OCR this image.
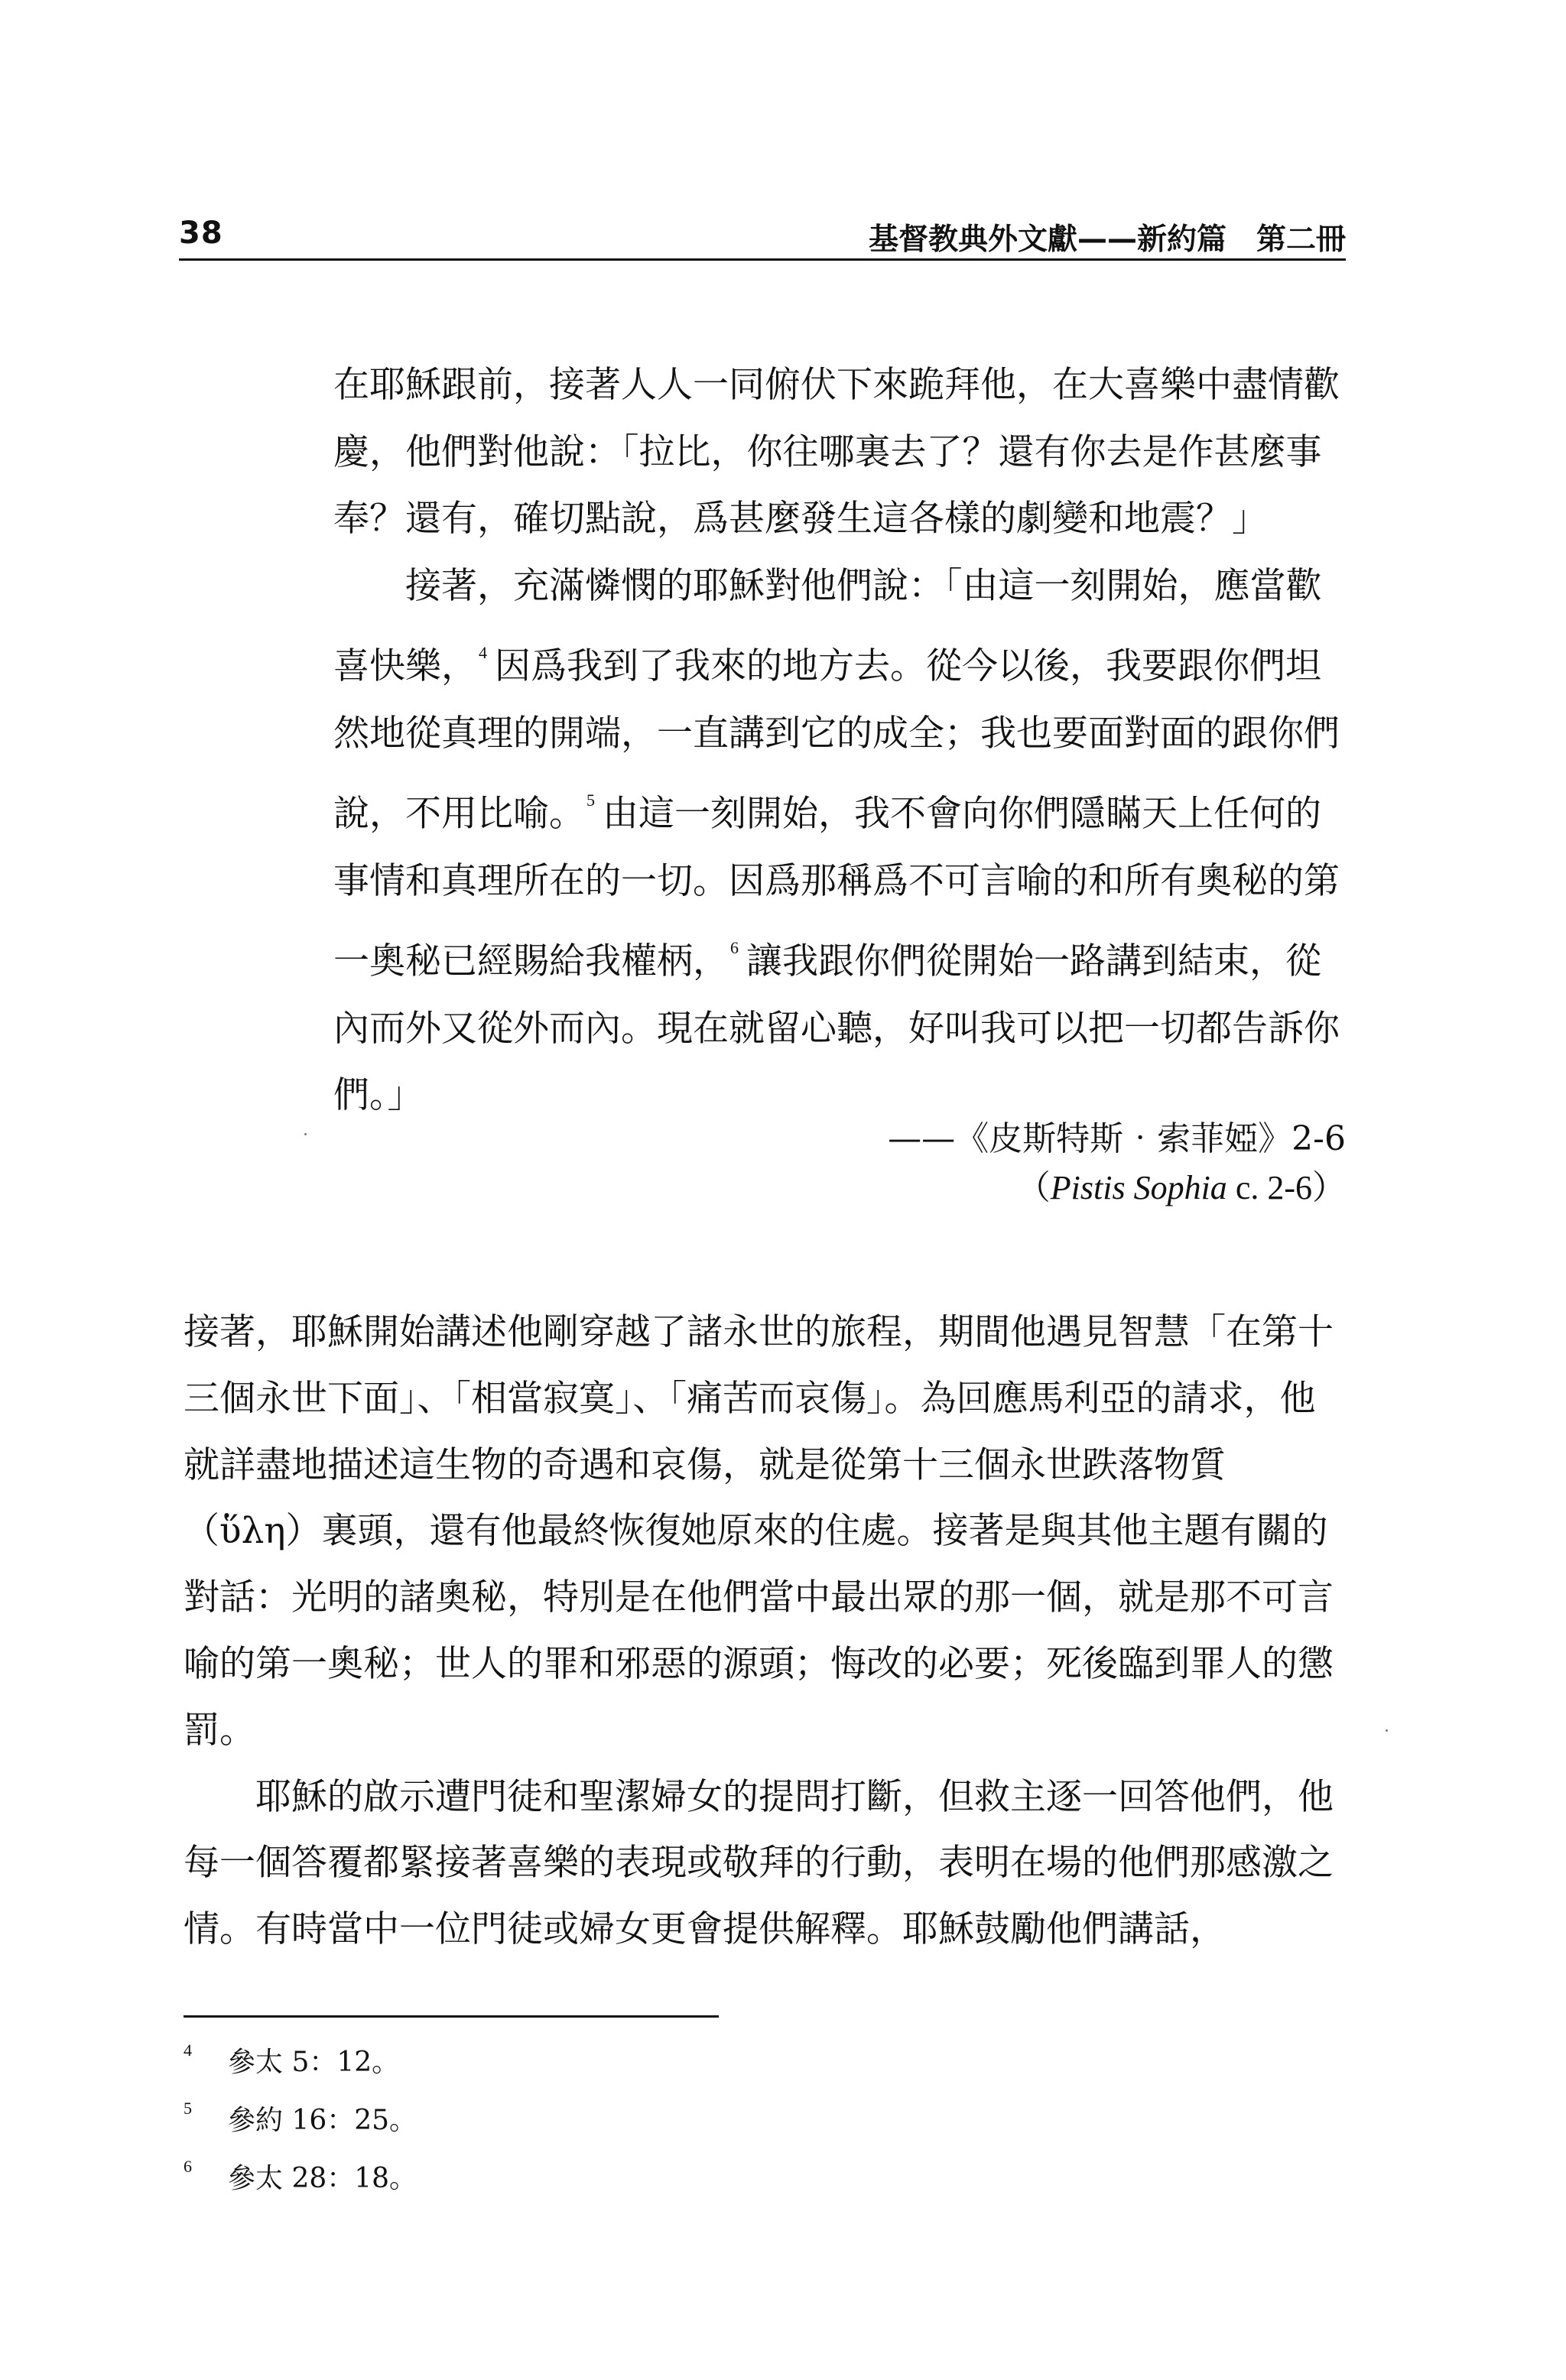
38	基督教典外文獻——新約篇　第二冊

在耶穌跟前，接著人人一同俯伏下來跪拜他，在大喜樂中盡情歡慶，他們對他說：「拉比，你往哪裏去了？還有你去是作甚麼事奉？還有，確切點說，爲甚麼發生這各樣的劇變和地震？」

　　接著，充滿憐憫的耶穌對他們說：「由這一刻開始，應當歡喜快樂，$^4$ 因爲我到了我來的地方去。從今以後，我要跟你們坦然地從真理的開端，一直講到它的成全；我也要面對面的跟你們說，不用比喻。$^5$ 由這一刻開始，我不會向你們隱瞞天上任何的事情和真理所在的一切。因爲那稱爲不可言喻的和所有奧秘的第一奧秘已經賜給我權柄，$^6$ 讓我跟你們從開始一路講到結束，從內而外又從外而內。現在就留心聽，好叫我可以把一切都告訴你們。」

——《皮斯特斯‧索菲婭》2-6
（Pistis Sophia c. 2-6）

接著，耶穌開始講述他剛穿越了諸永世的旅程，期間他遇見智慧「在第十三個永世下面」、「相當寂寞」、「痛苦而哀傷」。為回應馬利亞的請求，他就詳盡地描述這生物的奇遇和哀傷，就是從第十三個永世跌落物質（ὕλη）裏頭，還有他最終恢復她原來的住處。接著是與其他主題有關的對話：光明的諸奧秘，特別是在他們當中最出眾的那一個，就是那不可言喻的第一奧秘；世人的罪和邪惡的源頭；悔改的必要；死後臨到罪人的懲罰。

　　耶穌的啟示遭門徒和聖潔婦女的提問打斷，但救主逐一回答他們，他每一個答覆都緊接著喜樂的表現或敬拜的行動，表明在場的他們那感激之情。有時當中一位門徒或婦女更會提供解釋。耶穌鼓勵他們講話，

4 參太 5：12。
5 參約 16：25。
6 參太 28：18。
